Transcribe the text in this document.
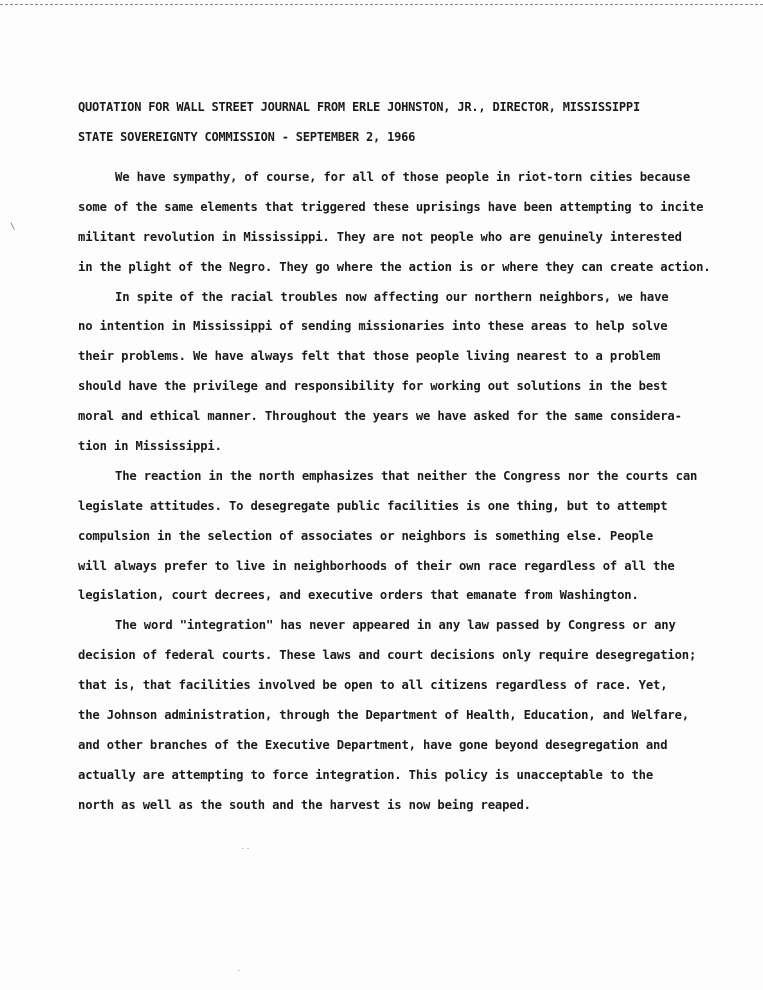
QUOTATION FOR WALL STREET JOURNAL FROM ERLE JOHNSTON, JR., DIRECTOR, MISSISSIPPI
STATE SOVEREIGNTY COMMISSION - SEPTEMBER 2, 1966
We have sympathy, of course, for all of those people in riot-torn cities because
some of the same elements that triggered these uprisings have been attempting to incite
militant revolution in Mississippi. They are not people who are genuinely interested
in the plight of the Negro. They go where the action is or where they can create action.
In spite of the racial troubles now affecting our northern neighbors, we have
no intention in Mississippi of sending missionaries into these areas to help solve
their problems. We have always felt that those people living nearest to a problem
should have the privilege and responsibility for working out solutions in the best
moral and ethical manner. Throughout the years we have asked for the same considera-
tion in Mississippi.
The reaction in the north emphasizes that neither the Congress nor the courts can
legislate attitudes. To desegregate public facilities is one thing, but to attempt
compulsion in the selection of associates or neighbors is something else. People
will always prefer to live in neighborhoods of their own race regardless of all the
legislation, court decrees, and executive orders that emanate from Washington.
The word "integration" has never appeared in any law passed by Congress or any
decision of federal courts. These laws and court decisions only require desegregation;
that is, that facilities involved be open to all citizens regardless of race. Yet,
the Johnson administration, through the Department of Health, Education, and Welfare,
and other branches of the Executive Department, have gone beyond desegregation and
actually are attempting to force integration. This policy is unacceptable to the
north as well as the south and the harvest is now being reaped.
\
˙˙
˙
